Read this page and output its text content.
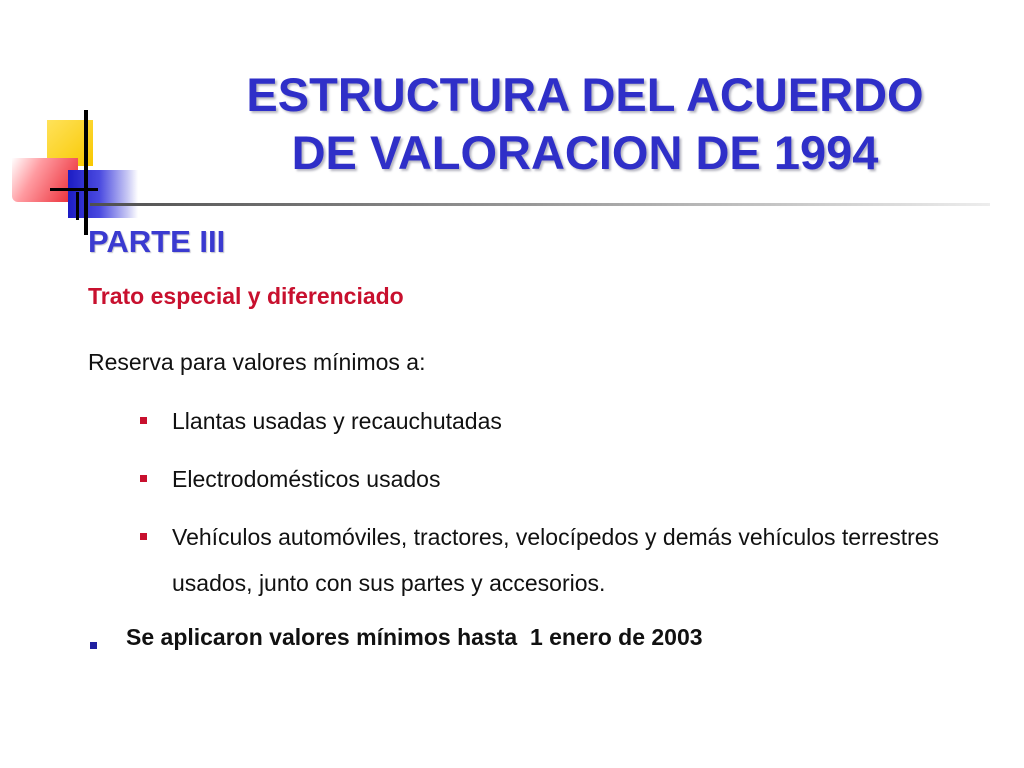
ESTRUCTURA DEL ACUERDO
DE VALORACION DE 1994
PARTE III

Trato especial y diferenciado

Reserva para valores mínimos a:

Llantas usadas y recauchutadas
Electrodomésticos usados
Vehículos automóviles, tractores, velocípedos y demás vehículos terrestres usados, junto con sus partes y accesorios.
Se aplicaron valores mínimos hasta  1 enero de 2003
